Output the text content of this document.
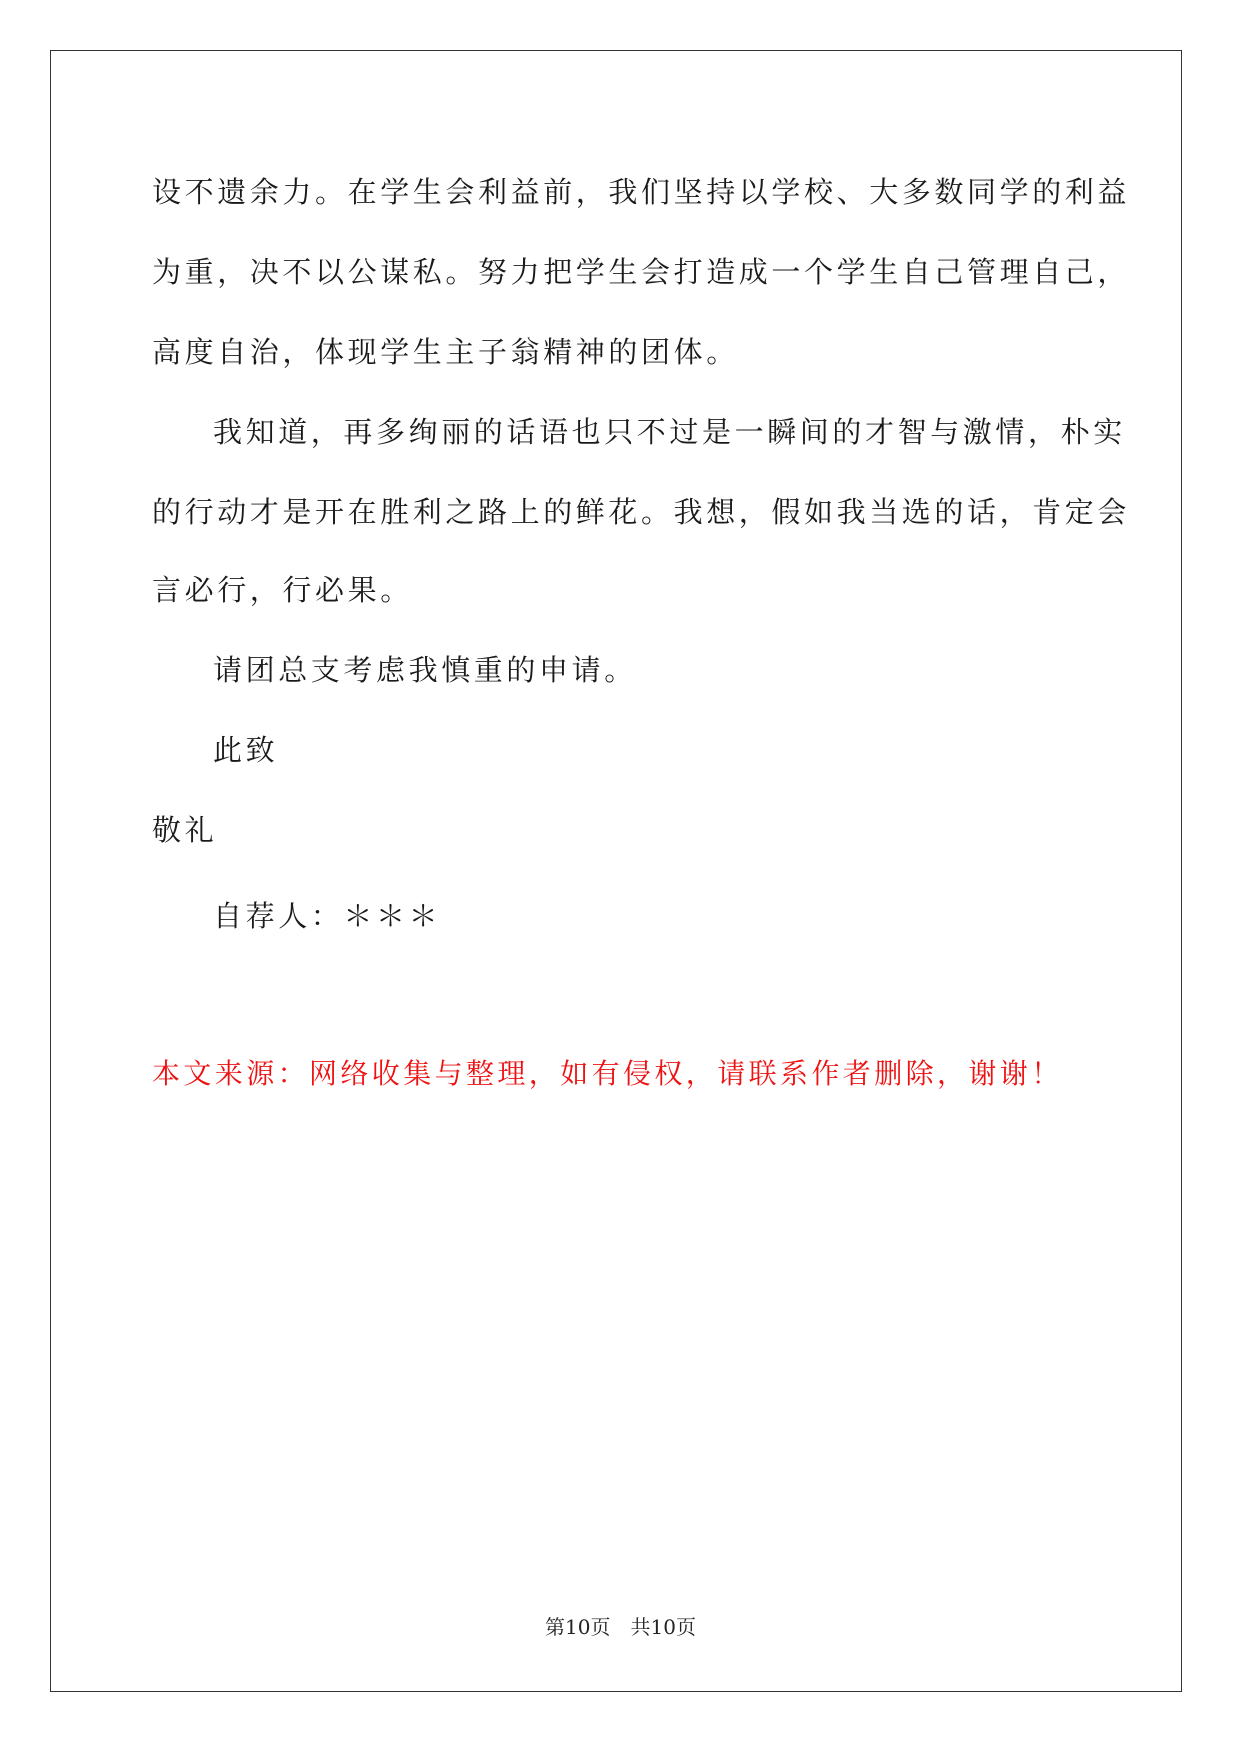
设不遗余力。在学生会利益前，我们坚持以学校、大多数同学的利益
为重，决不以公谋私。努力把学生会打造成一个学生自己管理自己，
高度自治，体现学生主子翁精神的团体。
我知道，再多绚丽的话语也只不过是一瞬间的才智与激情，朴实
的行动才是开在胜利之路上的鲜花。我想，假如我当选的话，肯定会
言必行，行必果。
请团总支考虑我慎重的申请。
此致
敬礼
自荐人：＊＊＊
本文来源：网络收集与整理，如有侵权，请联系作者删除，谢谢！
第10页　共10页
